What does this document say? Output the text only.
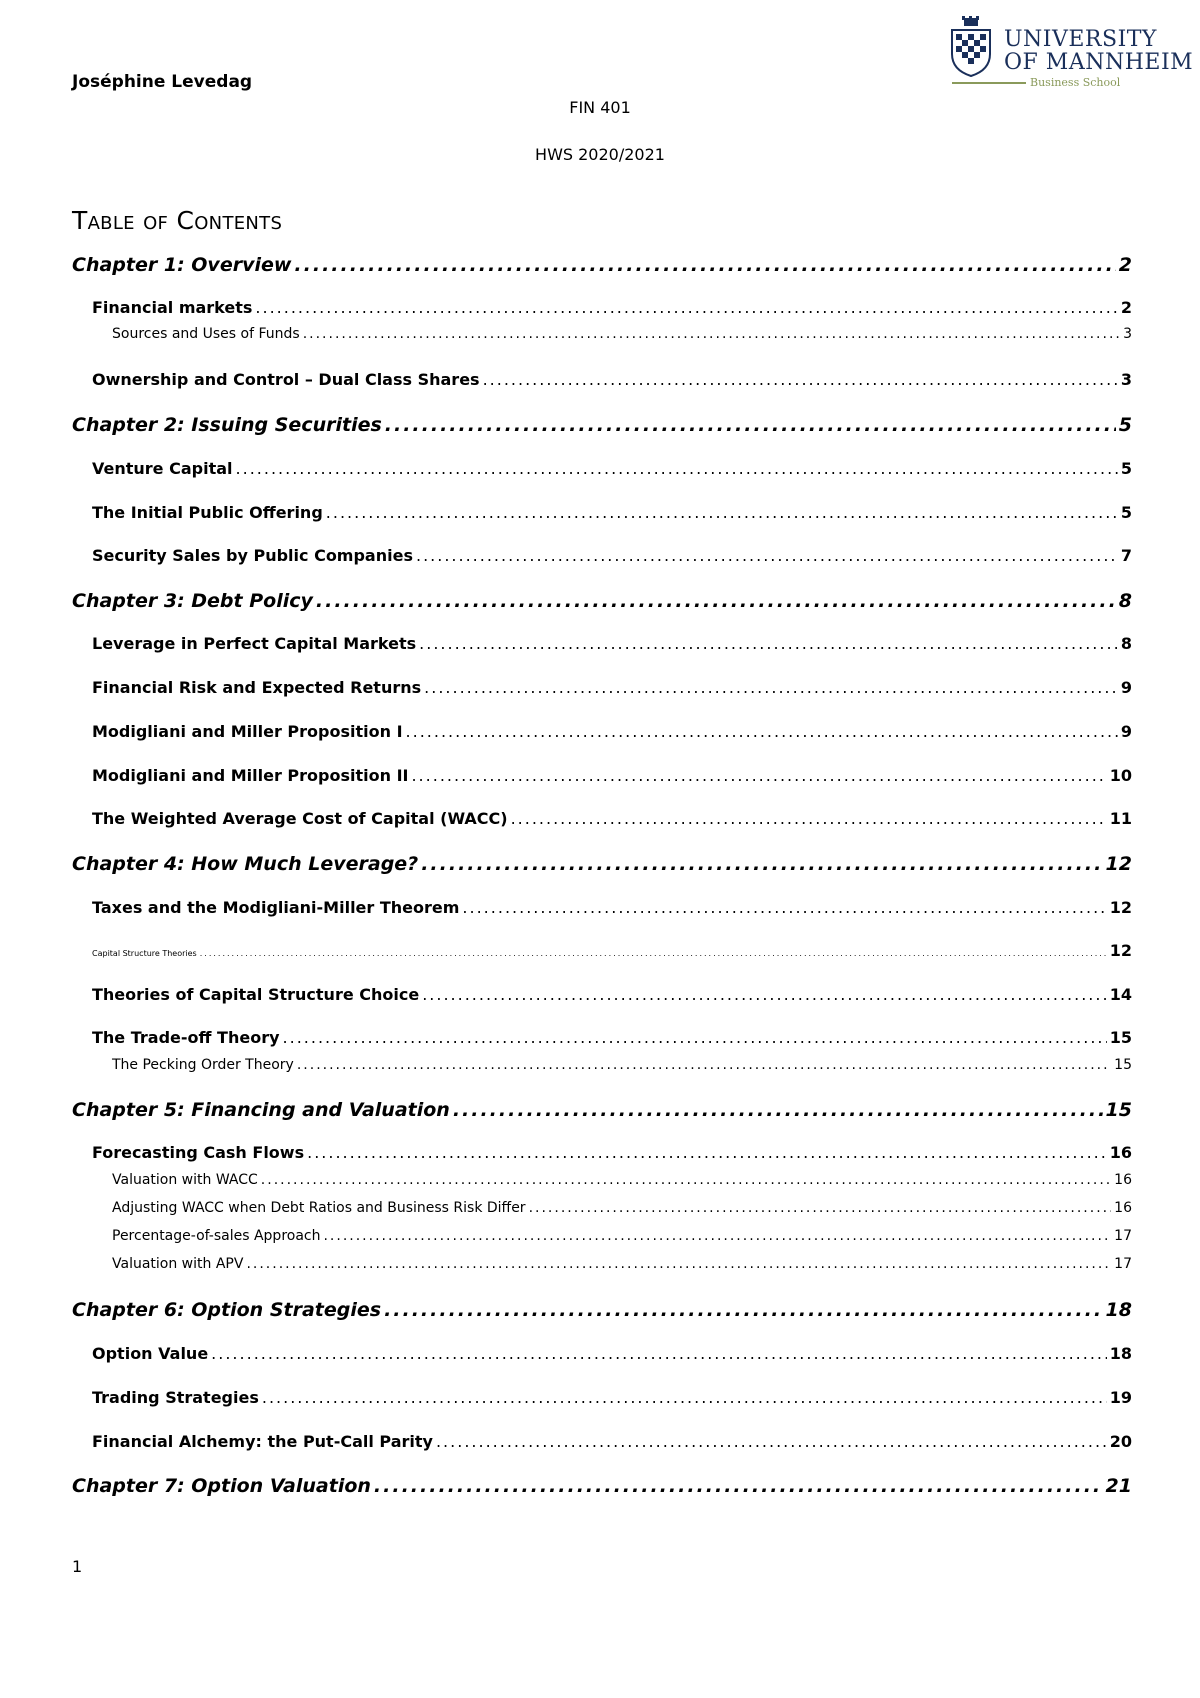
Joséphine Levedag
FIN 401
HWS 2020/2021
UNIVERSITY
OF MANNHEIM
Business School
Table of Contents
Chapter 1: Overview .....	2
Financial markets .....	2
Sources and Uses of Funds .....	3
Ownership and Control – Dual Class Shares .....	3
Chapter 2: Issuing Securities .....	5
Venture Capital .....	5
The Initial Public Offering .....	5
Security Sales by Public Companies .....	7
Chapter 3: Debt Policy .....	8
Leverage in Perfect Capital Markets .....	8
Financial Risk and Expected Returns .....	9
Modigliani and Miller Proposition I .....	9
Modigliani and Miller Proposition II .....	10
The Weighted Average Cost of Capital (WACC) .....	11
Chapter 4: How Much Leverage? .....	12
Taxes and the Modigliani-Miller Theorem .....	12
Capital Structure Theories .....	12
Theories of Capital Structure Choice .....	14
The Trade-off Theory .....	15
The Pecking Order Theory .....	15
Chapter 5: Financing and Valuation .....	15
Forecasting Cash Flows .....	16
Valuation with WACC .....	16
Adjusting WACC when Debt Ratios and Business Risk Differ .....	16
Percentage-of-sales Approach .....	17
Valuation with APV .....	17
Chapter 6: Option Strategies .....	18
Option Value .....	18
Trading Strategies .....	19
Financial Alchemy: the Put-Call Parity .....	20
Chapter 7: Option Valuation .....	21
1
